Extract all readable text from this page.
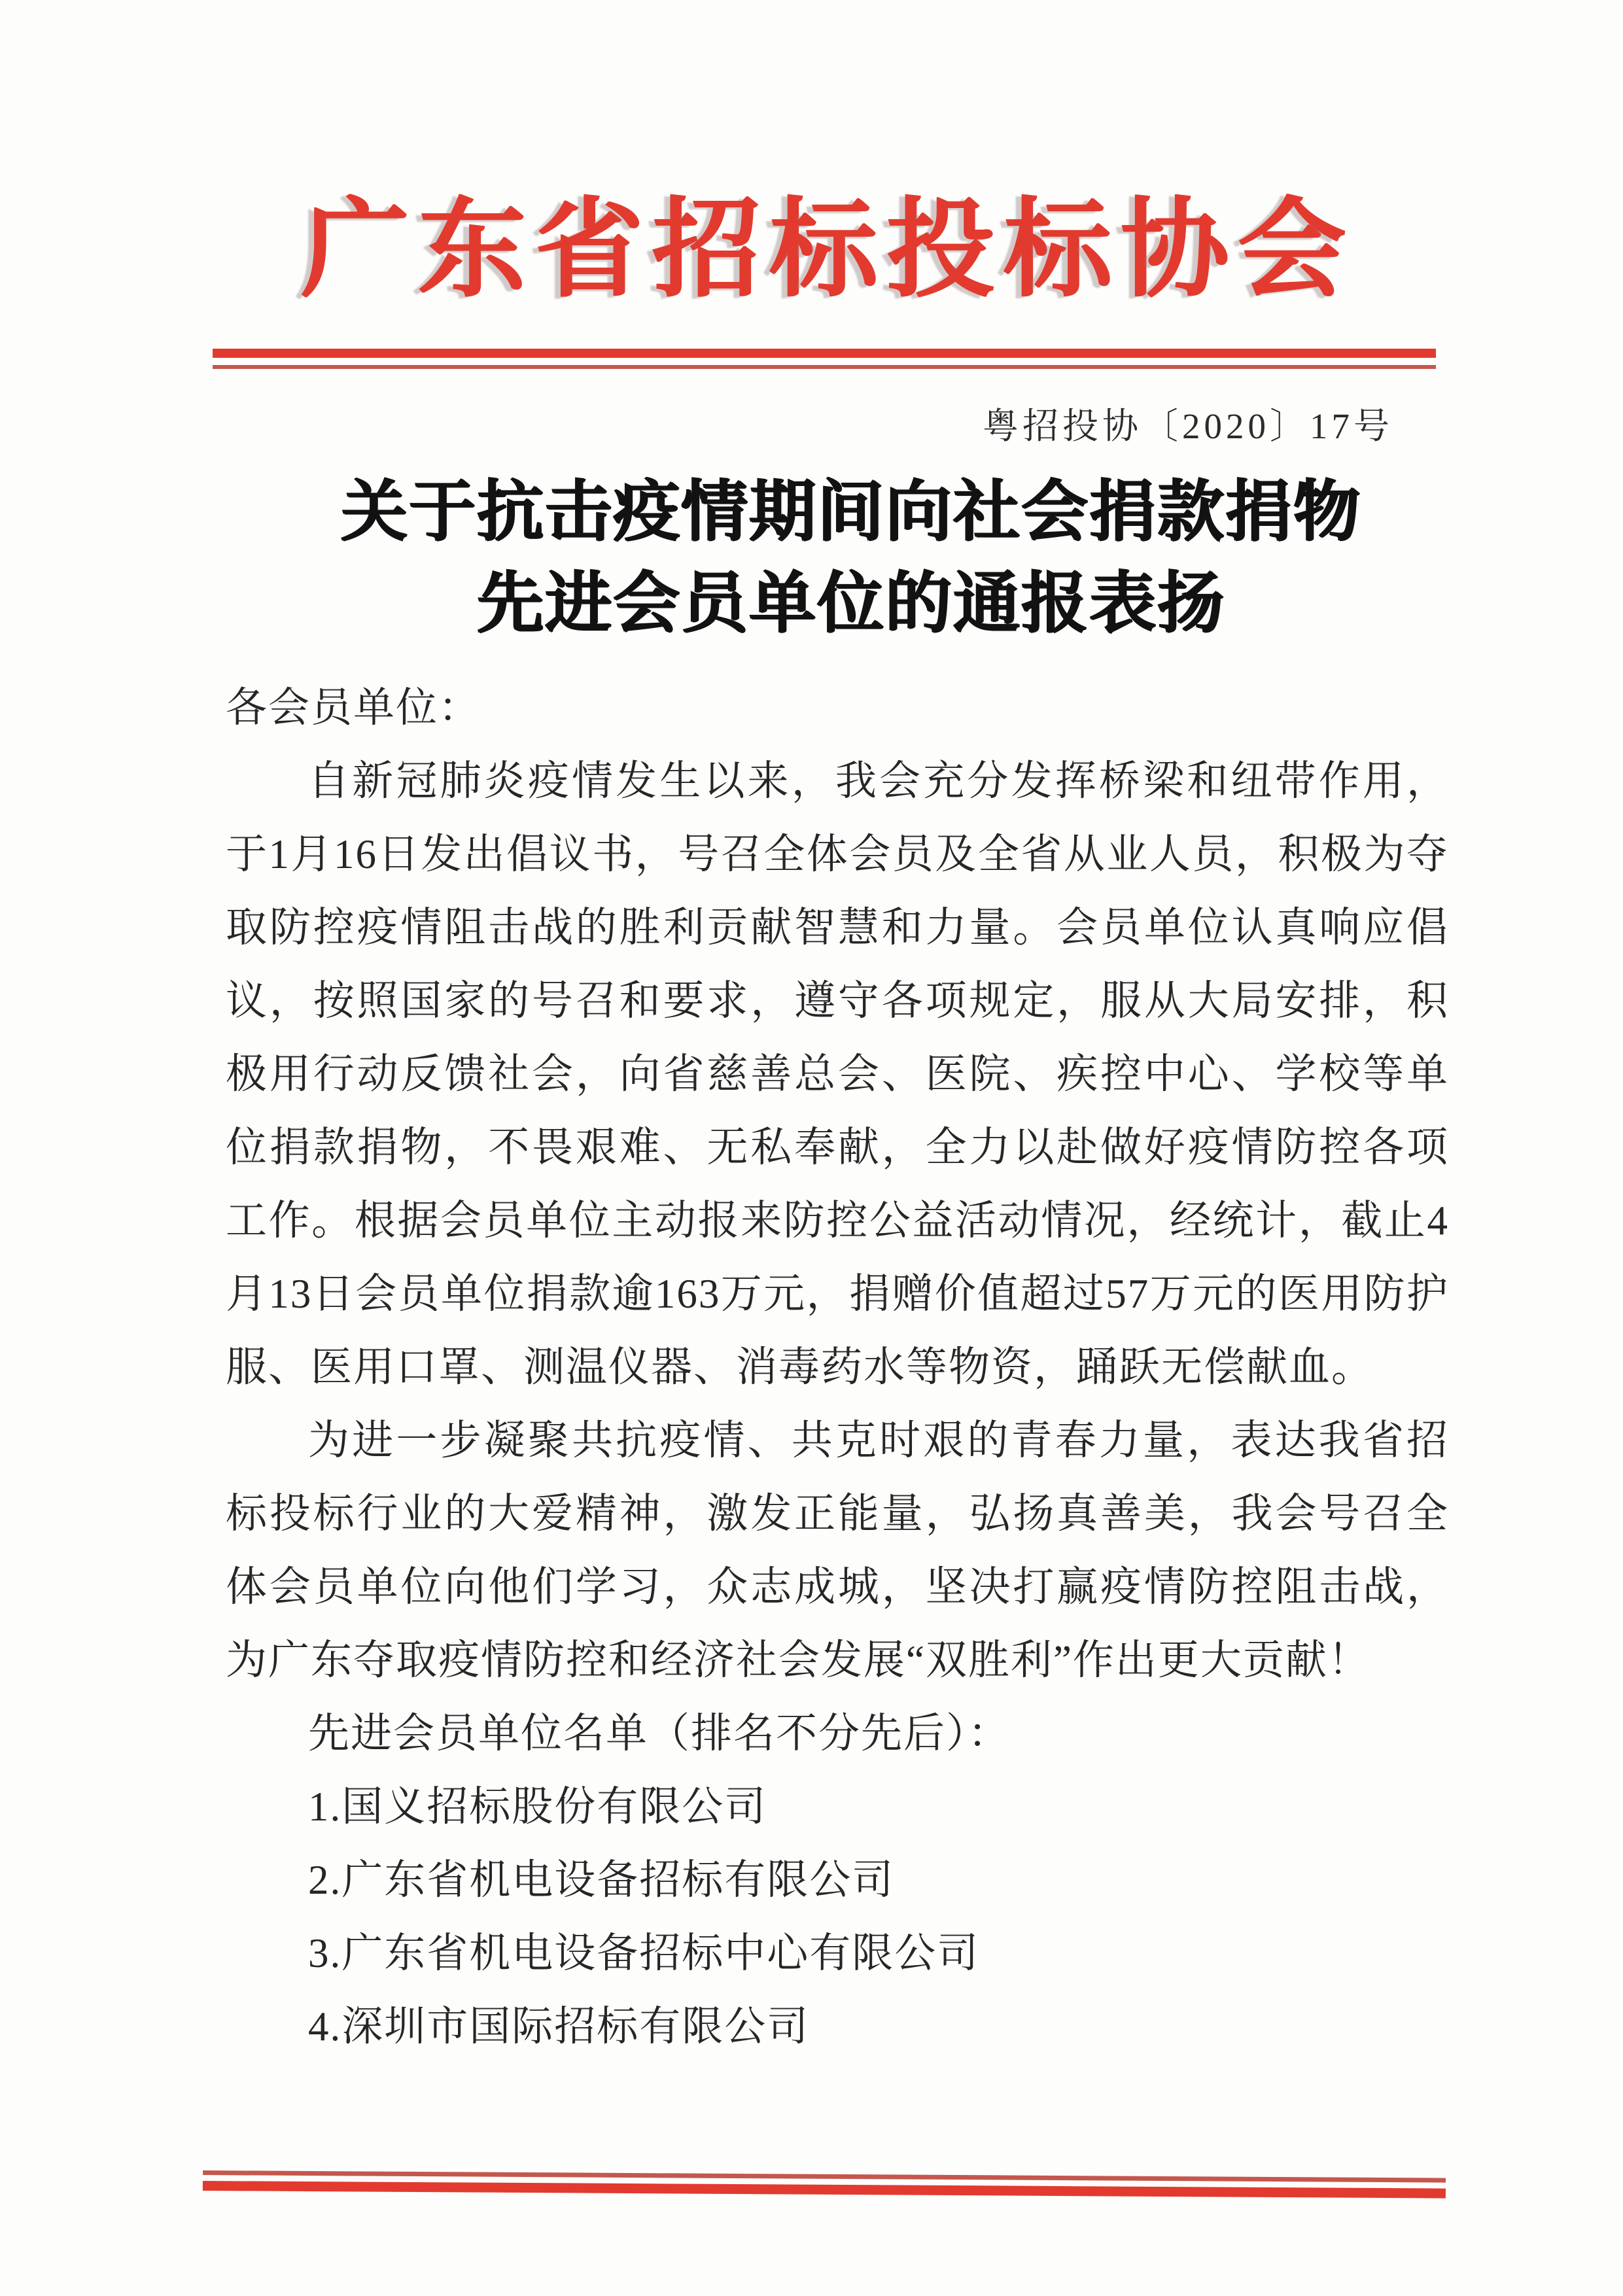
广东省招标投标协会
粤招投协〔2020〕17号
关于抗击疫情期间向社会捐款捐物
先进会员单位的通报表扬

各会员单位：

自新冠肺炎疫情发生以来，我会充分发挥桥梁和纽带作用，于1月16日发出倡议书，号召全体会员及全省从业人员，积极为夺取防控疫情阻击战的胜利贡献智慧和力量。会员单位认真响应倡议，按照国家的号召和要求，遵守各项规定，服从大局安排，积极用行动反馈社会，向省慈善总会、医院、疾控中心、学校等单位捐款捐物，不畏艰难、无私奉献，全力以赴做好疫情防控各项工作。根据会员单位主动报来防控公益活动情况，经统计，截止4月13日会员单位捐款逾163万元，捐赠价值超过57万元的医用防护服、医用口罩、测温仪器、消毒药水等物资，踊跃无偿献血。

为进一步凝聚共抗疫情、共克时艰的青春力量，表达我省招标投标行业的大爱精神，激发正能量，弘扬真善美，我会号召全体会员单位向他们学习，众志成城，坚决打赢疫情防控阻击战，为广东夺取疫情防控和经济社会发展“双胜利”作出更大贡献！

先进会员单位名单（排名不分先后）：

1.国义招标股份有限公司

2.广东省机电设备招标有限公司

3.广东省机电设备招标中心有限公司

4.深圳市国际招标有限公司
